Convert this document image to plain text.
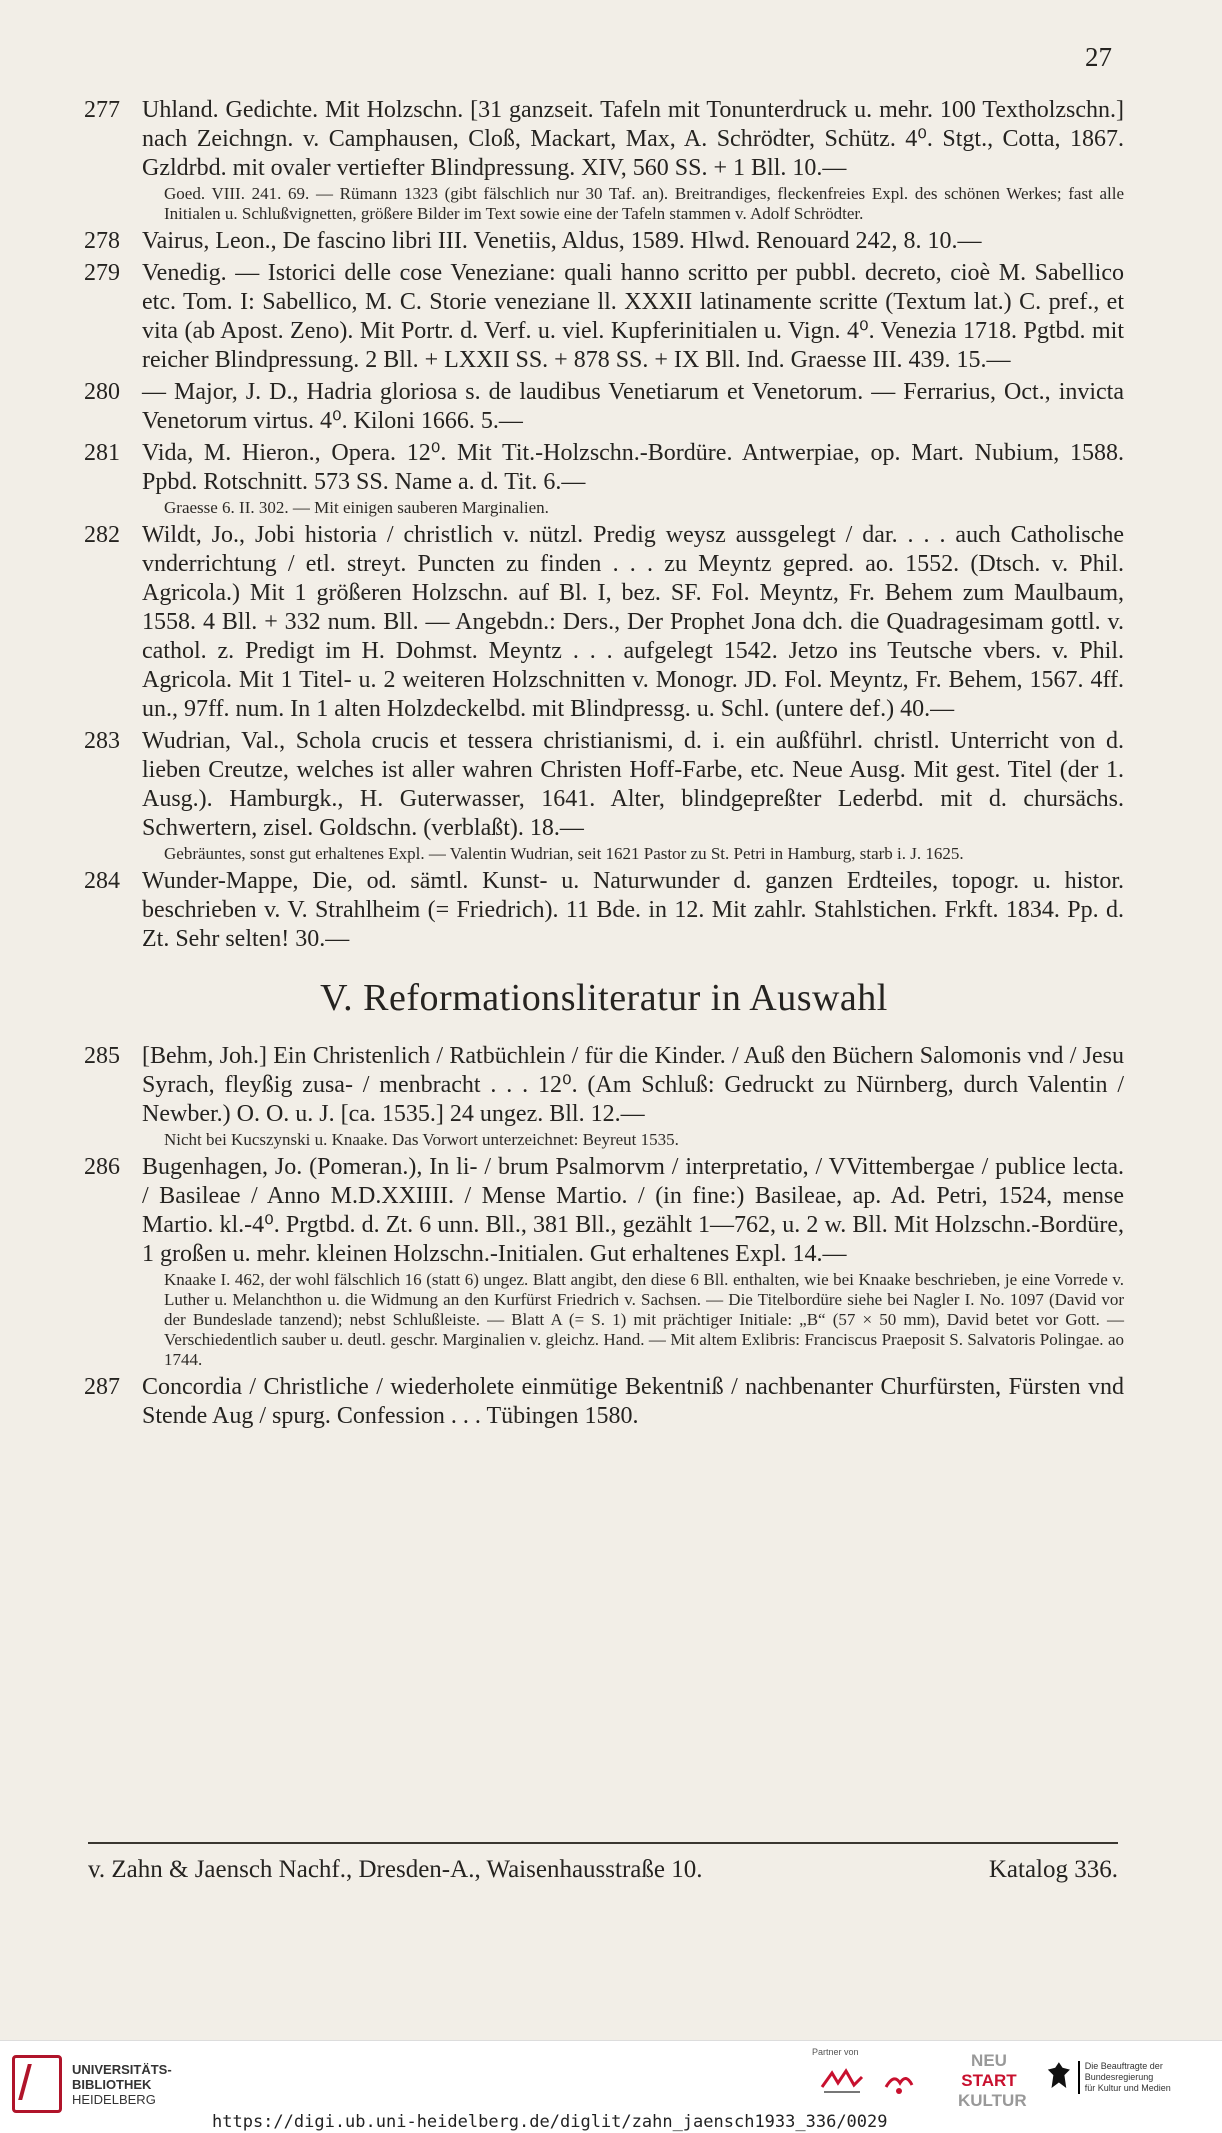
27
277 Uhland. Gedichte. Mit Holzschn. [31 ganzseit. Tafeln mit Tonunterdruck u. mehr. 100 Textholzschn.] nach Zeichngn. v. Camphausen, Cloß, Mackart, Max, A. Schrödter, Schütz. 4⁰. Stgt., Cotta, 1867. Gzldrbd. mit ovaler vertiefter Blindpressung. XIV, 560 SS. + 1 Bll. 10.—
Goed. VIII. 241. 69. — Rümann 1323 (gibt fälschlich nur 30 Taf. an). Breitrandiges, fleckenfreies Expl. des schönen Werkes; fast alle Initialen u. Schlußvignetten, größere Bilder im Text sowie eine der Tafeln stammen v. Adolf Schrödter.
278 Vairus, Leon., De fascino libri III. Venetiis, Aldus, 1589. Hlwd. Renouard 242, 8. 10.—
279 Venedig. — Istorici delle cose Veneziane: quali hanno scritto per pubbl. decreto, cioè M. Sabellico etc. Tom. I: Sabellico, M. C. Storie veneziane ll. XXXII latinamente scritte (Textum lat.) C. pref., et vita (ab Apost. Zeno). Mit Portr. d. Verf. u. viel. Kupferinitialen u. Vign. 4⁰. Venezia 1718. Pgtbd. mit reicher Blindpressung. 2 Bll. + LXXII SS. + 878 SS. + IX Bll. Ind. Graesse III. 439. 15.—
280 — Major, J. D., Hadria gloriosa s. de laudibus Venetiarum et Venetorum. — Ferrarius, Oct., invicta Venetorum virtus. 4⁰. Kiloni 1666. 5.—
281 Vida, M. Hieron., Opera. 12⁰. Mit Tit.-Holzschn.-Bordüre. Antwerpiae, op. Mart. Nubium, 1588. Ppbd. Rotschnitt. 573 SS. Name a. d. Tit. 6.—
Graesse 6. II. 302. — Mit einigen sauberen Marginalien.
282 Wildt, Jo., Jobi historia / christlich v. nützl. Predig weysz aussgelegt / dar. . . . auch Catholische vnderrichtung / etl. streyt. Puncten zu finden . . . zu Meyntz gepred. ao. 1552. (Dtsch. v. Phil. Agricola.) Mit 1 größeren Holzschn. auf Bl. I, bez. SF. Fol. Meyntz, Fr. Behem zum Maulbaum, 1558. 4 Bll. + 332 num. Bll. — Angebdn.: Ders., Der Prophet Jona dch. die Quadragesimam gottl. v. cathol. z. Predigt im H. Dohmst. Meyntz . . . aufgelegt 1542. Jetzo ins Teutsche vbers. v. Phil. Agricola. Mit 1 Titel- u. 2 weiteren Holzschnitten v. Monogr. JD. Fol. Meyntz, Fr. Behem, 1567. 4ff. un., 97ff. num. In 1 alten Holzdeckelbd. mit Blindpressg. u. Schl. (untere def.) 40.—
283 Wudrian, Val., Schola crucis et tessera christianismi, d. i. ein außführl. christl. Unterricht von d. lieben Creutze, welches ist aller wahren Christen Hoff-Farbe, etc. Neue Ausg. Mit gest. Titel (der 1. Ausg.). Hamburgk., H. Guterwasser, 1641. Alter, blindgepreßter Lederbd. mit d. chursächs. Schwertern, zisel. Goldschn. (verblaßt). 18.—
Gebräuntes, sonst gut erhaltenes Expl. — Valentin Wudrian, seit 1621 Pastor zu St. Petri in Hamburg, starb i. J. 1625.
284 Wunder-Mappe, Die, od. sämtl. Kunst- u. Naturwunder d. ganzen Erdteiles, topogr. u. histor. beschrieben v. V. Strahlheim (= Friedrich). 11 Bde. in 12. Mit zahlr. Stahlstichen. Frkft. 1834. Pp. d. Zt. Sehr selten! 30.—
V. Reformationsliteratur in Auswahl
285 [Behm, Joh.] Ein Christenlich / Ratbüchlein / für die Kinder. / Auß den Büchern Salomonis vnd / Jesu Syrach, fleyßig zusa- / menbracht . . . 12⁰. (Am Schluß: Gedruckt zu Nürnberg, durch Valentin / Newber.) O. O. u. J. [ca. 1535.] 24 ungez. Bll. 12.—
Nicht bei Kucszynski u. Knaake. Das Vorwort unterzeichnet: Beyreut 1535.
286 Bugenhagen, Jo. (Pomeran.), In li- / brum Psalmorvm / interpretatio, / VVittembergae / publice lecta. / Basileae / Anno M.D.XXIIII. / Mense Martio. / (in fine:) Basileae, ap. Ad. Petri, 1524, mense Martio. kl.-4⁰. Prgtbd. d. Zt. 6 unn. Bll., 381 Bll., gezählt 1—762, u. 2 w. Bll. Mit Holzschn.-Bordüre, 1 großen u. mehr. kleinen Holzschn.-Initialen. Gut erhaltenes Expl. 14.—
Knaake I. 462, der wohl fälschlich 16 (statt 6) ungez. Blatt angibt, den diese 6 Bll. enthalten, wie bei Knaake beschrieben, je eine Vorrede v. Luther u. Melanchthon u. die Widmung an den Kurfürst Friedrich v. Sachsen. — Die Titelbordüre siehe bei Nagler I. No. 1097 (David vor der Bundeslade tanzend); nebst Schlußleiste. — Blatt A (= S. 1) mit prächtiger Initiale: „B“ (57 × 50 mm), David betet vor Gott. — Verschiedentlich sauber u. deutl. geschr. Marginalien v. gleichz. Hand. — Mit altem Exlibris: Franciscus Praeposit S. Salvatoris Polingae. ao 1744.
287 Concordia / Christliche / wiederholete einmütige Bekentniß / nachbenanter Churfürsten, Fürsten vnd Stende Aug / spurg. Confession . . . Tübingen 1580.
v. Zahn & Jaensch Nachf., Dresden-A., Waisenhausstraße 10.	Katalog 336.
UNIVERSITÄTS-
BIBLIOTHEK
HEIDELBERG
Partner von	NEU
START
KULTUR
Die Beauftragte der Bundesregierung
für Kultur und Medien
https://digi.ub.uni-heidelberg.de/diglit/zahn_jaensch1933_336/0029
